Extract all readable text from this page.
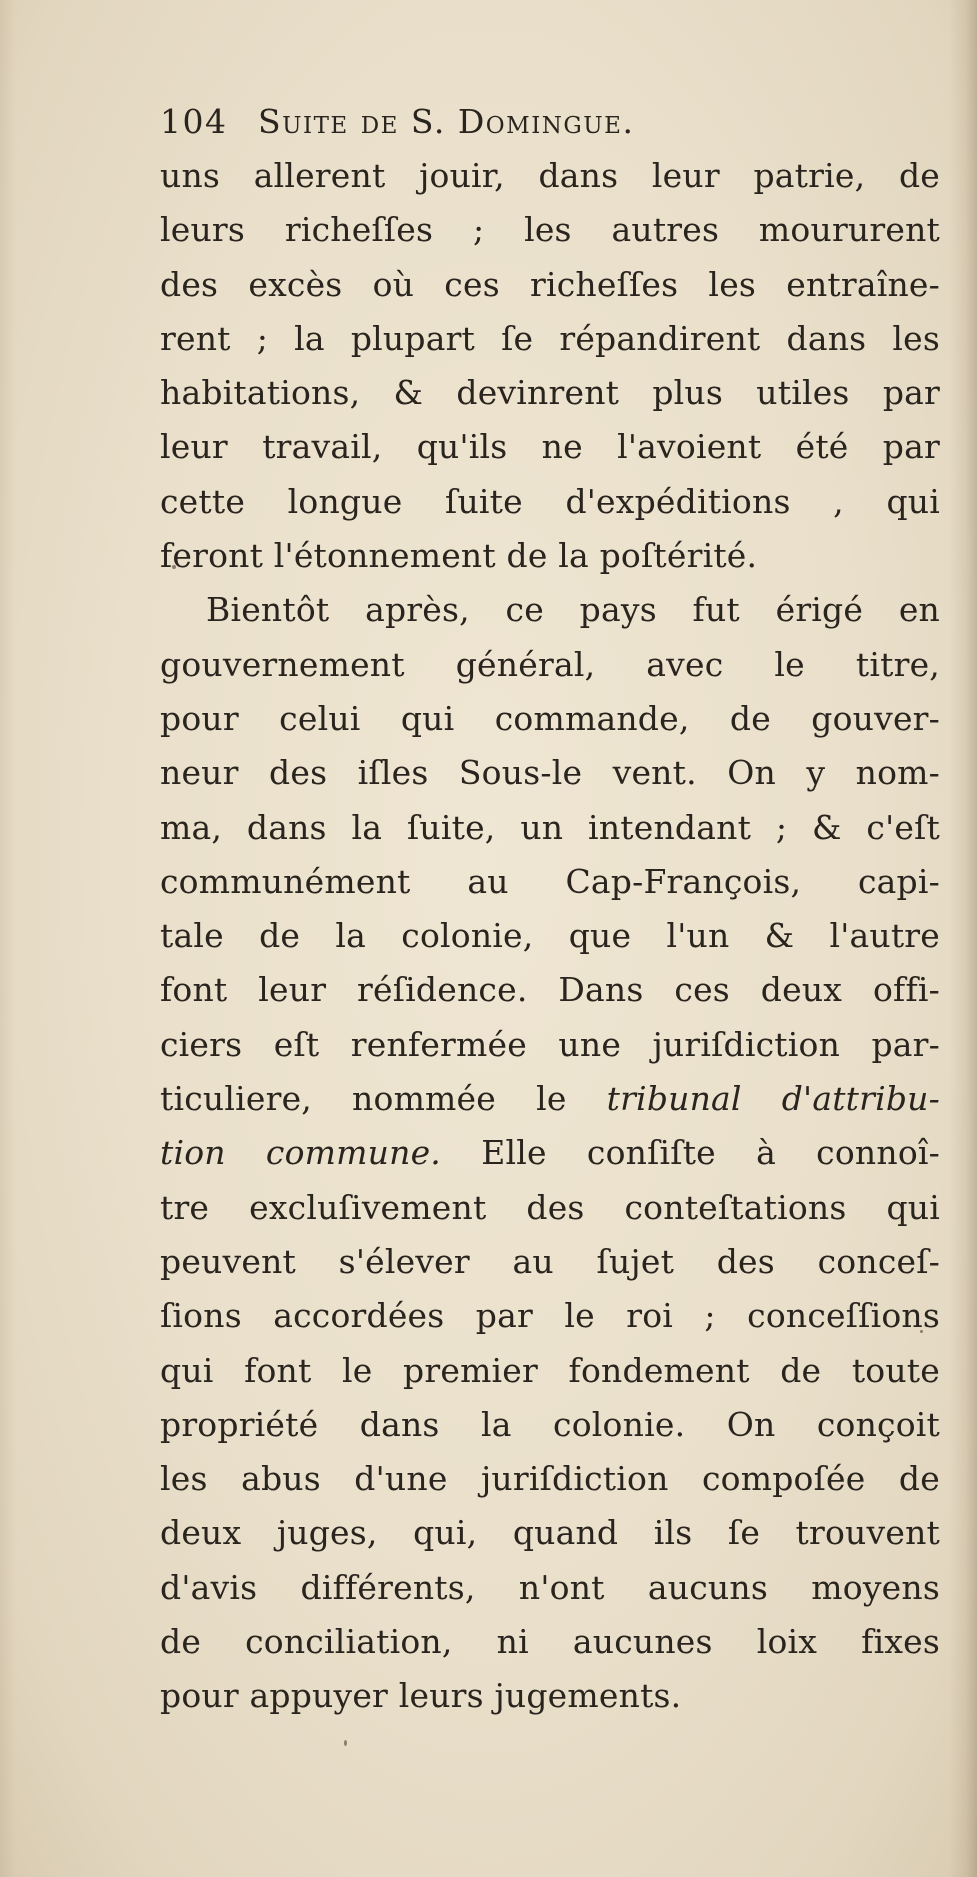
104 Suite de S. Domingue.
uns allerent jouir, dans leur patrie, de
leurs richeſſes ; les autres moururent
des excès où ces richeſſes les entraîne-
rent ; la plupart ſe répandirent dans les
habitations, & devinrent plus utiles par
leur travail, qu'ils ne l'avoient été par
cette longue ſuite d'expéditions , qui
feront l'étonnement de la poſtérité.
Bientôt après, ce pays fut érigé en
gouvernement général, avec le titre,
pour celui qui commande, de gouver-
neur des iſles Sous-le vent. On y nom-
ma, dans la ſuite, un intendant ; & c'eſt
communément au Cap-François, capi-
tale de la colonie, que l'un & l'autre
font leur réſidence. Dans ces deux offi-
ciers eſt renfermée une juriſdiction par-
ticuliere, nommée le tribunal d'attribu-
tion commune. Elle conſiſte à connoî-
tre excluſivement des conteſtations qui
peuvent s'élever au ſujet des conceſ-
ſions accordées par le roi ; conceſſions
qui font le premier fondement de toute
propriété dans la colonie. On conçoit
les abus d'une juriſdiction compoſée de
deux juges, qui, quand ils ſe trouvent
d'avis différents, n'ont aucuns moyens
de conciliation, ni aucunes loix fixes
pour appuyer leurs jugements.
